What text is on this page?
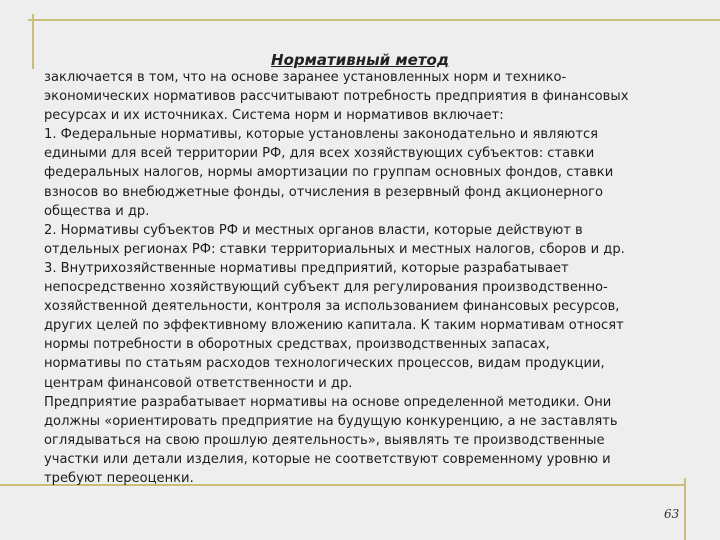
Нормативный метод
заключается в том, что на основе заранее установленных норм и технико-
экономических нормативов рассчитывают потребность предприятия в финансовых
ресурсах и их источниках. Система норм и нормативов включает:
1. Федеральные нормативы, которые установлены законодательно и являются
едиными для всей территории РФ, для всех хозяйствующих субъектов: ставки
федеральных налогов, нормы амортизации по группам основных фондов, ставки
взносов во внебюджетные фонды, отчисления в резервный фонд акционерного
общества и др.
2. Нормативы субъектов РФ и местных органов власти, которые действуют в
отдельных регионах РФ: ставки территориальных и местных налогов, сборов и др.
3. Внутрихозяйственные нормативы предприятий, которые разрабатывает
непосредственно хозяйствующий субъект для регулирования производственно-
хозяйственной деятельности, контроля за использованием финансовых ресурсов,
других целей по эффективному вложению капитала. К таким нормативам относят
нормы потребности в оборотных средствах, производственных запасах,
нормативы по статьям расходов технологических процессов, видам продукции,
центрам финансовой ответственности и др.
Предприятие разрабатывает нормативы на основе определенной методики. Они
должны «ориентировать предприятие на будущую конкуренцию, а не заставлять
оглядываться на свою прошлую деятельность», выявлять те производственные
участки или детали изделия, которые не соответствуют современному уровню и
требуют переоценки.
63
